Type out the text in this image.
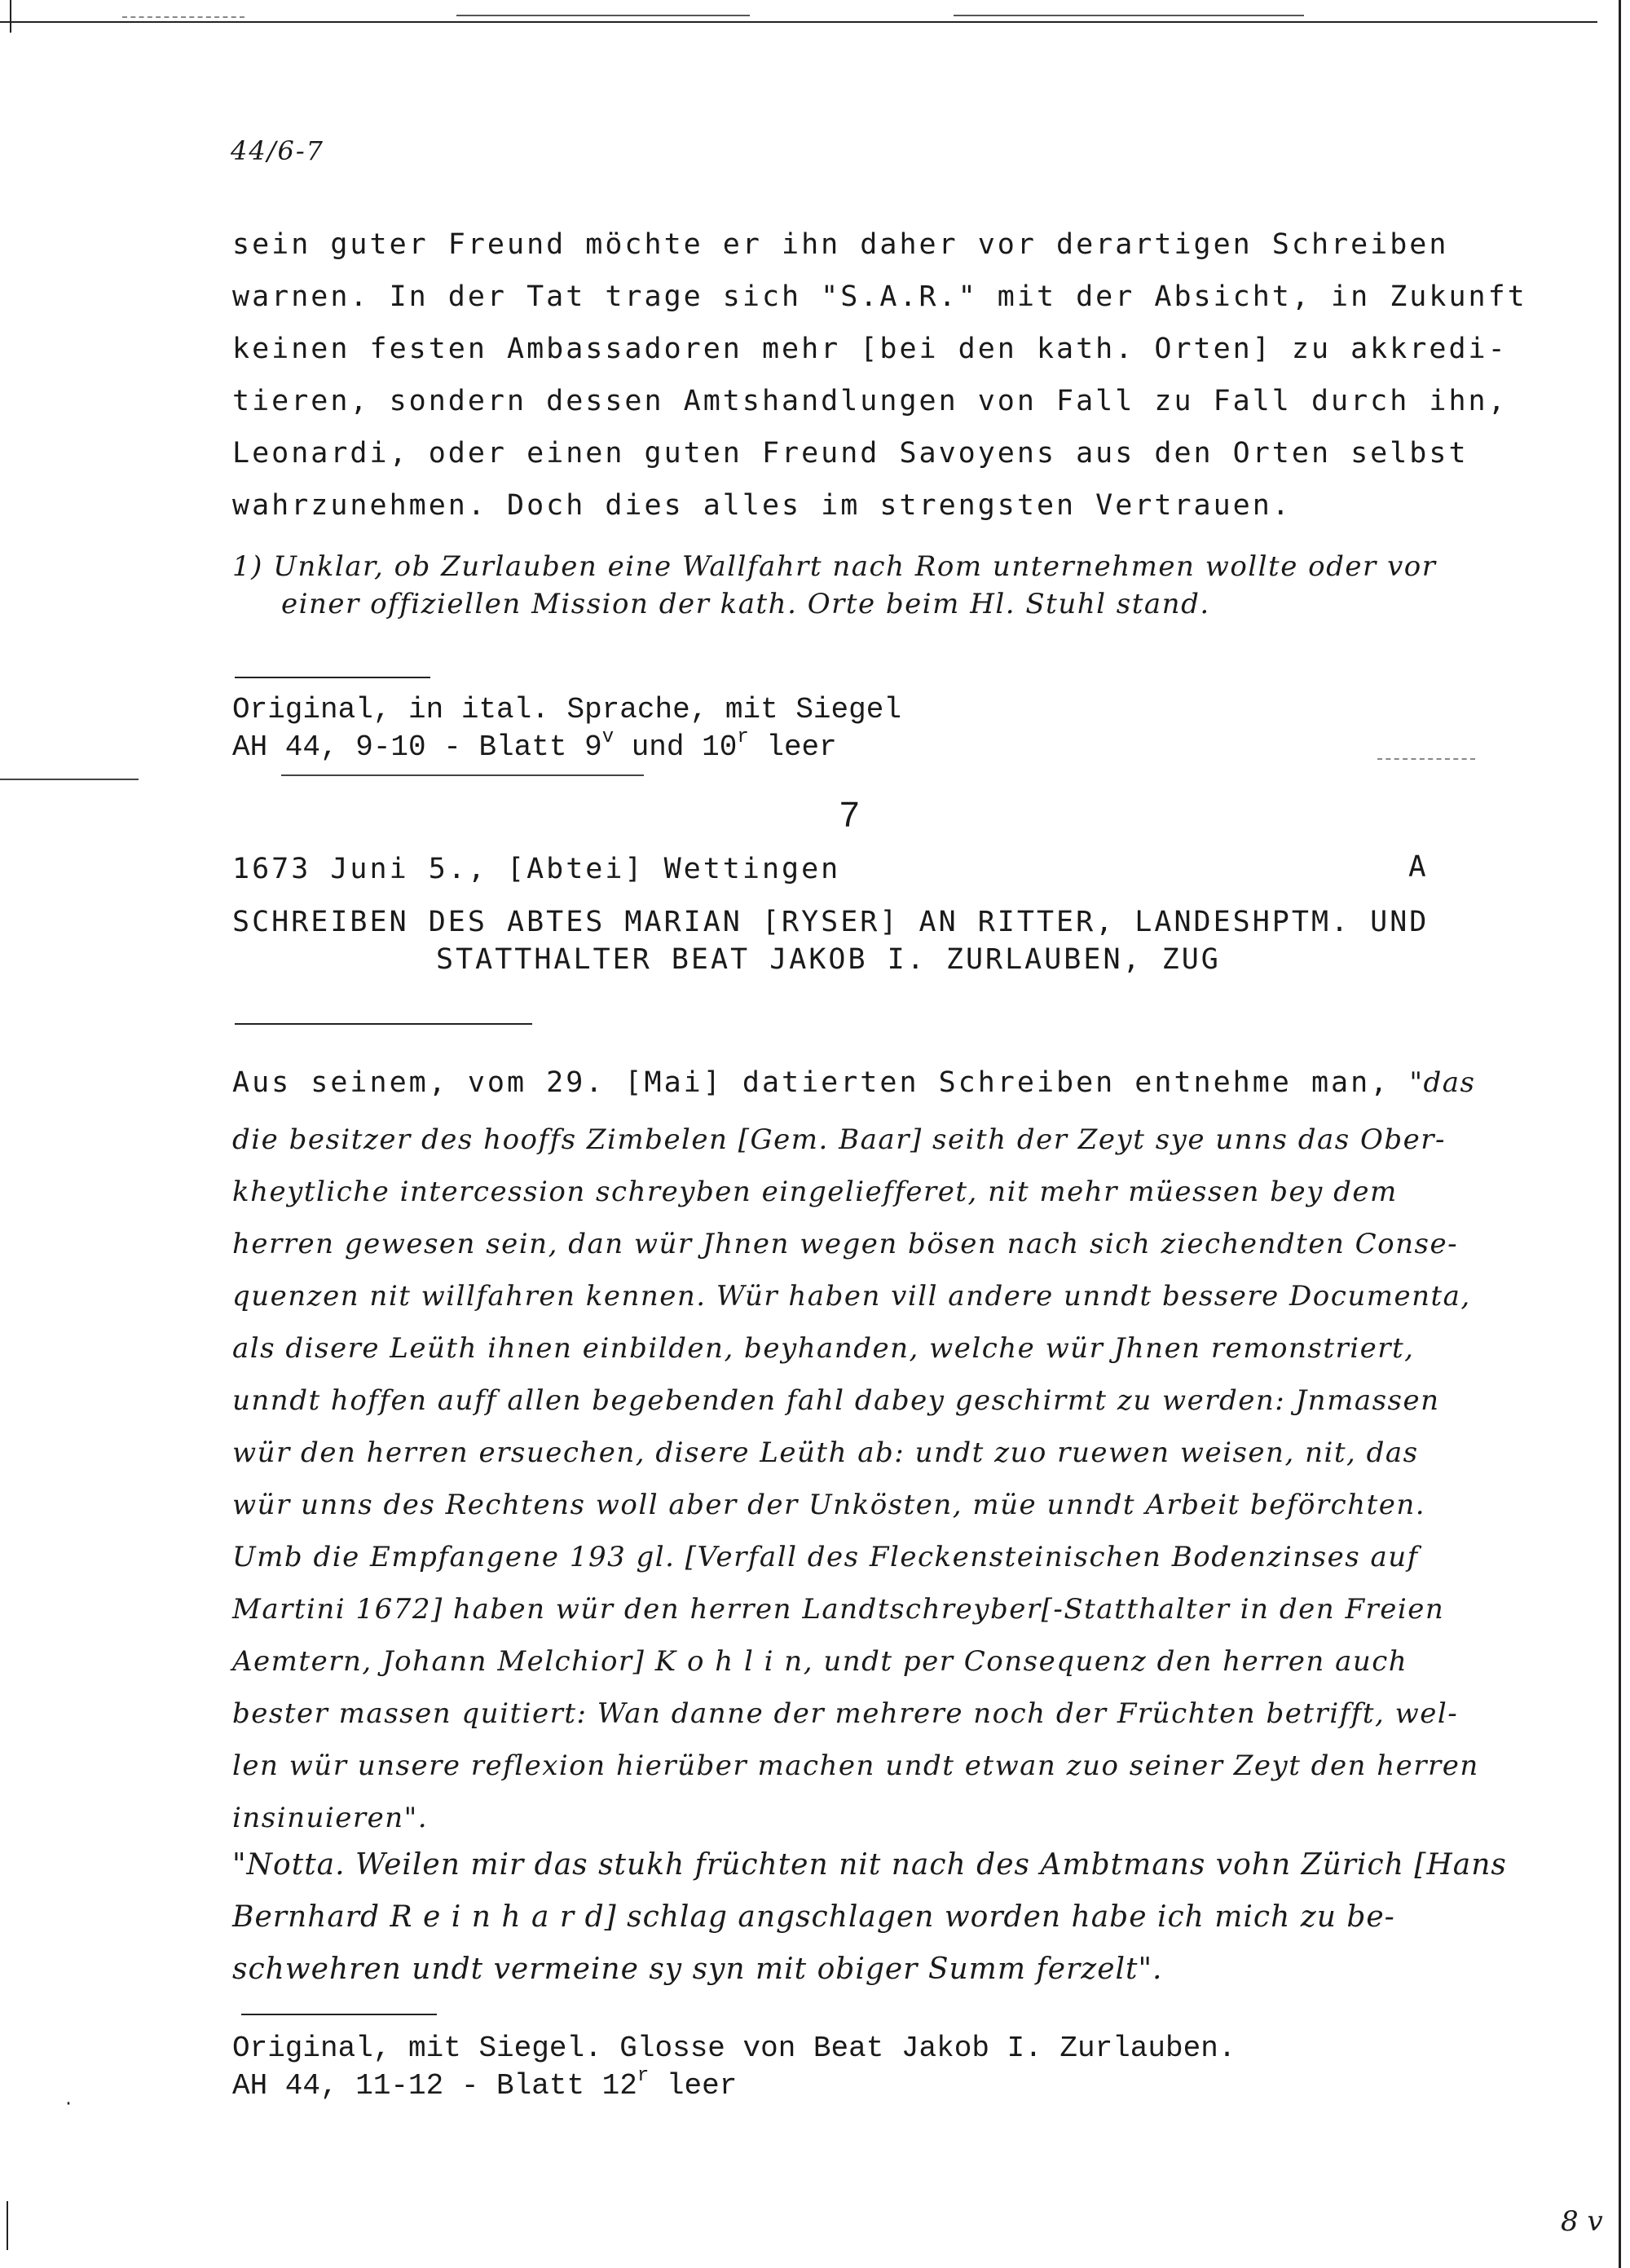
44/6-7
sein guter Freund möchte er ihn daher vor derartigen Schreiben
warnen. In der Tat trage sich "S.A.R." mit der Absicht, in Zukunft
keinen festen Ambassadoren mehr [bei den kath. Orten] zu akkredi-
tieren, sondern dessen Amtshandlungen von Fall zu Fall durch ihn,
Leonardi, oder einen guten Freund Savoyens aus den Orten selbst
wahrzunehmen. Doch dies alles im strengsten Vertrauen.
1) Unklar, ob Zurlauben eine Wallfahrt nach Rom unternehmen wollte oder vor
einer offiziellen Mission der kath. Orte beim Hl. Stuhl stand.
Original, in ital. Sprache, mit Siegel
AH 44, 9-10 - Blatt 9$^v$ und 10$^r$ leer
7
1673 Juni 5., [Abtei] Wettingen	A
SCHREIBEN DES ABTES MARIAN [RYSER] AN RITTER, LANDESHPTM. UND
STATTHALTER BEAT JAKOB I. ZURLAUBEN, ZUG
Aus seinem, vom 29. [Mai] datierten Schreiben entnehme man, "das
die besitzer des hooffs Zimbelen [Gem. Baar] seith der Zeyt sye unns das Ober-
kheytliche intercession schreyben eingeliefferet, nit mehr müessen bey dem
herren gewesen sein, dan wür Jhnen wegen bösen nach sich ziechendten Conse-
quenzen nit willfahren kennen. Wür haben vill andere unndt bessere Documenta,
als disere Leüth ihnen einbilden, beyhanden, welche wür Jhnen remonstriert,
unndt hoffen auff allen begebenden fahl dabey geschirmt zu werden: Jnmassen
wür den herren ersuechen, disere Leüth ab: undt zuo ruewen weisen, nit, das
wür unns des Rechtens woll aber der Unkösten, müe unndt Arbeit beförchten.
Umb die Empfangene 193 gl. [Verfall des Fleckensteinischen Bodenzinses auf
Martini 1672] haben wür den herren Landtschreyber[-Statthalter in den Freien
Aemtern, Johann Melchior] K o h l i n, undt per Consequenz den herren auch
bester massen quitiert: Wan danne der mehrere noch der Früchten betrifft, wel-
len wür unsere reflexion hierüber machen undt etwan zuo seiner Zeyt den herren
insinuieren".
"Notta. Weilen mir das stukh früchten nit nach des Ambtmans vohn Zürich [Hans
Bernhard R e i n h a r d] schlag angschlagen worden habe ich mich zu be-
schwehren undt vermeine sy syn mit obiger Summ ferzelt".
Original, mit Siegel. Glosse von Beat Jakob I. Zurlauben.
AH 44, 11-12 - Blatt 12$^r$ leer
·
8 v
